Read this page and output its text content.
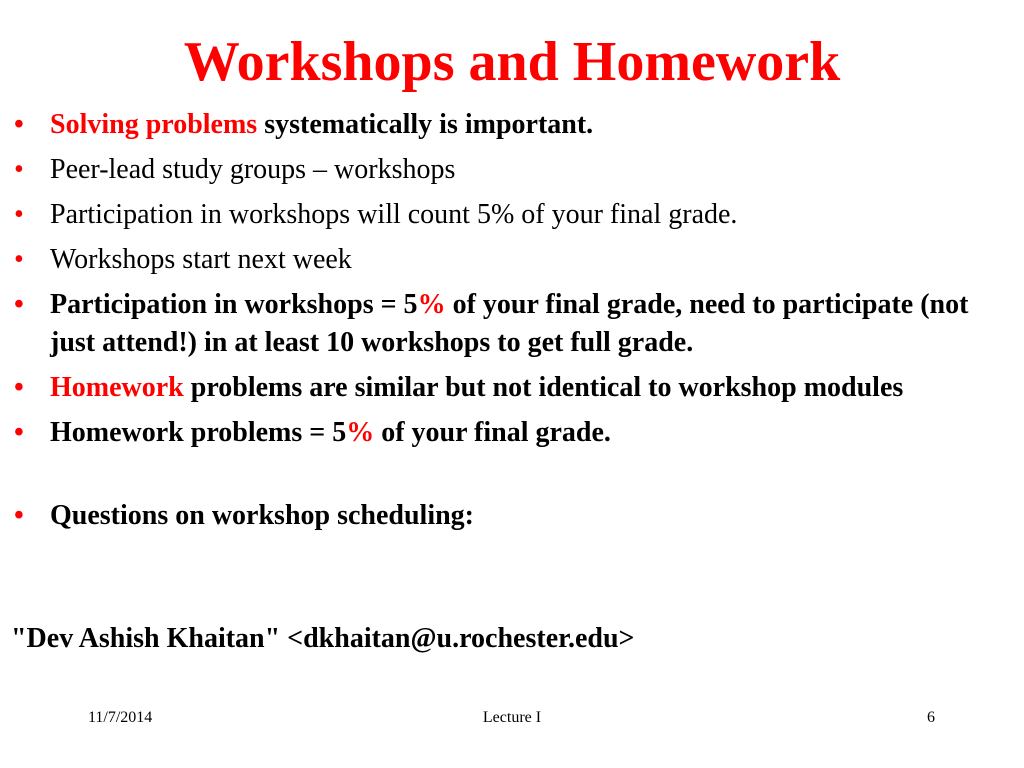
Workshops and Homework
• Solving problems systematically is important.
• Peer-lead study groups – workshops
• Participation in workshops will count 5% of your final grade.
• Workshops start next week
• Participation in workshops = 5% of your final grade, need to participate (not just attend!) in at least 10 workshops to get full grade.
• Homework problems are similar but not identical to workshop modules
• Homework problems = 5% of your final grade.
• Questions on workshop scheduling:
"Dev Ashish Khaitan" <dkhaitan@u.rochester.edu>
11/7/2014	Lecture I	6
